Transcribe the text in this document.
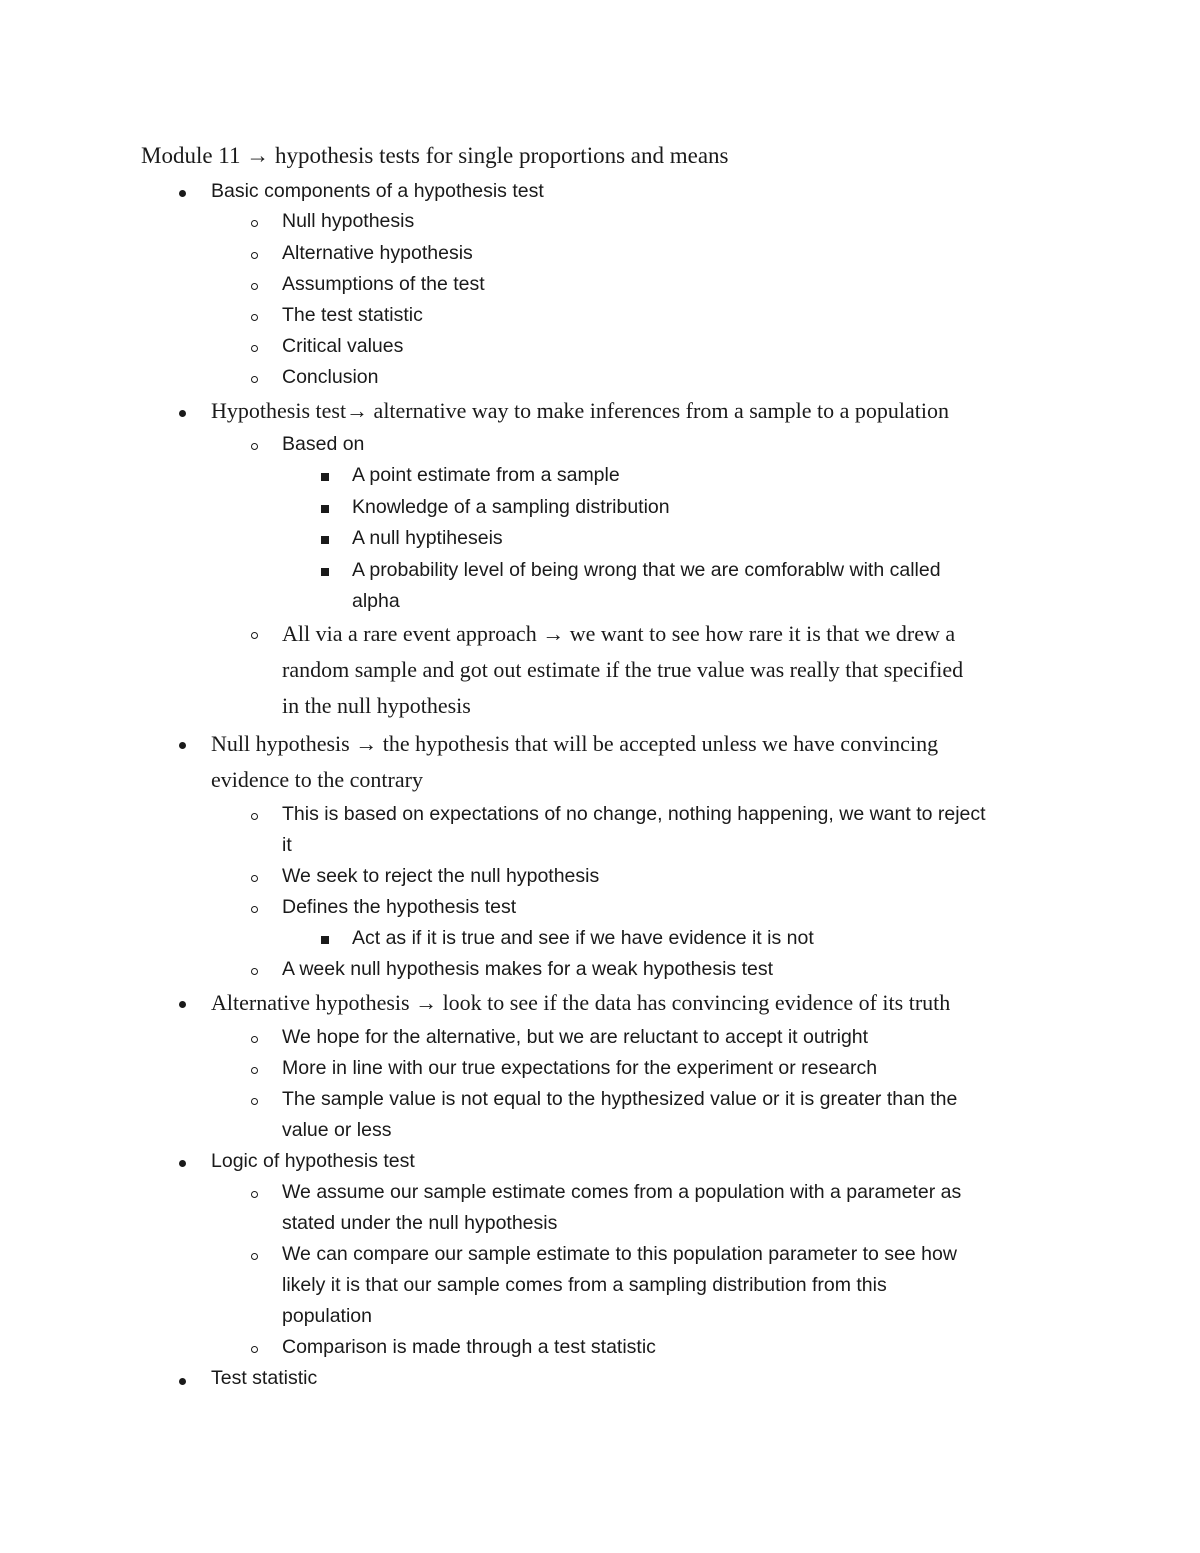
Module 11 → hypothesis tests for single proportions and means
Basic components of a hypothesis test
Null hypothesis
Alternative hypothesis
Assumptions of the test
The test statistic
Critical values
Conclusion
Hypothesis test→ alternative way to make inferences from a sample to a population
Based on
A point estimate from a sample
Knowledge of a sampling distribution
A null hyptiheseis
A probability level of being wrong that we are comforablw with called
alpha
All via a rare event approach → we want to see how rare it is that we drew a
random sample and got out estimate if the true value was really that specified
in the null hypothesis
Null hypothesis → the hypothesis that will be accepted unless we have convincing
evidence to the contrary
This is based on expectations of no change, nothing happening, we want to reject
it
We seek to reject the null hypothesis
Defines the hypothesis test
Act as if it is true and see if we have evidence it is not
A week null hypothesis makes for a weak hypothesis test
Alternative hypothesis → look to see if the data has convincing evidence of its truth
We hope for the alternative, but we are reluctant to accept it outright
More in line with our true expectations for the experiment or research
The sample value is not equal to the hypthesized value or it is greater than the
value or less
Logic of hypothesis test
We assume our sample estimate comes from a population with a parameter as
stated under the null hypothesis
We can compare our sample estimate to this population parameter to see how
likely it is that our sample comes from a sampling distribution from this
population
Comparison is made through a test statistic
Test statistic
